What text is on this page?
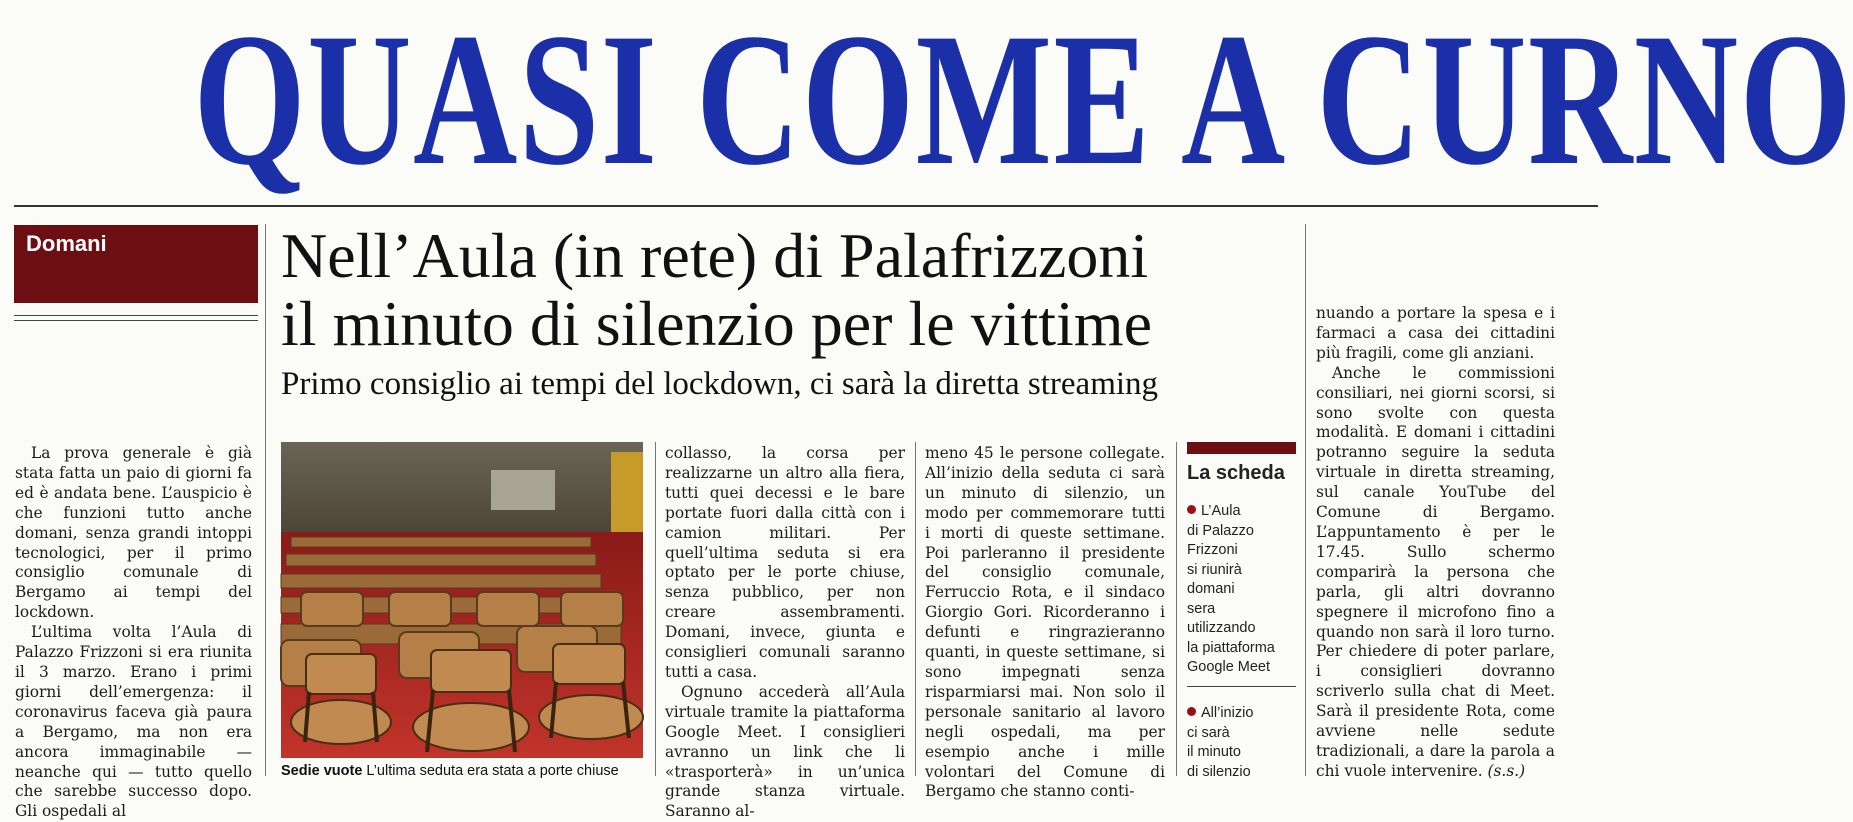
QUASI COME A CURNO
Domani	Nell’Aula (in rete) di Palafrizzoni
il minuto di silenzio per le vittime
Primo consiglio ai tempi del lockdown, ci sarà la diretta streaming

La prova generale è già stata fatta un paio di giorni fa ed è andata bene. L’auspicio è che funzioni tutto anche domani, senza grandi intoppi tecnologici, per il primo consiglio comunale di Bergamo ai tempi del lockdown.

L’ultima volta l’Aula di Palazzo Frizzoni si era riunita il 3 marzo. Erano i primi giorni dell’emergenza: il coronavirus faceva già paura a Bergamo, ma non era ancora immaginabile — neanche qui — tutto quello che sarebbe successo dopo. Gli ospedali al

Sedie vuote L’ultima seduta era stata a porte chiuse

collasso, la corsa per realizzarne un altro alla fiera, tutti quei decessi e le bare portate fuori dalla città con i camion militari. Per quell’ultima seduta si era optato per le porte chiuse, senza pubblico, per non creare assembramenti. Domani, invece, giunta e consiglieri comunali saranno tutti a casa.

Ognuno accederà all’Aula virtuale tramite la piattaforma Google Meet. I consiglieri avranno un link che li «trasporterà» in un’unica grande stanza virtuale. Saranno al-

meno 45 le persone collegate. All’inizio della seduta ci sarà un minuto di silenzio, un modo per commemorare tutti i morti di queste settimane. Poi parleranno il presidente del consiglio comunale, Ferruccio Rota, e il sindaco Giorgio Gori. Ricorderanno i defunti e ringrazieranno quanti, in queste settimane, si sono impegnati senza risparmiarsi mai. Non solo il personale sanitario al lavoro negli ospedali, ma per esempio anche i mille volontari del Comune di Bergamo che stanno conti-

La scheda
L’Aula
di Palazzo
Frizzoni
si riunirà
domani
sera
utilizzando
la piattaforma
Google Meet
All’inizio
ci sarà
il minuto
di silenzio

nuando a portare la spesa e i farmaci a casa dei cittadini più fragili, come gli anziani.

Anche le commissioni consiliari, nei giorni scorsi, si sono svolte con questa modalità. E domani i cittadini potranno seguire la seduta virtuale in diretta streaming, sul canale YouTube del Comune di Bergamo. L’appuntamento è per le 17.45. Sullo schermo comparirà la persona che parla, gli altri dovranno spegnere il microfono fino a quando non sarà il loro turno. Per chiedere di poter parlare, i consiglieri dovranno scriverlo sulla chat di Meet. Sarà il presidente Rota, come avviene nelle sedute tradizionali, a dare la parola a chi vuole intervenire. (s.s.)
